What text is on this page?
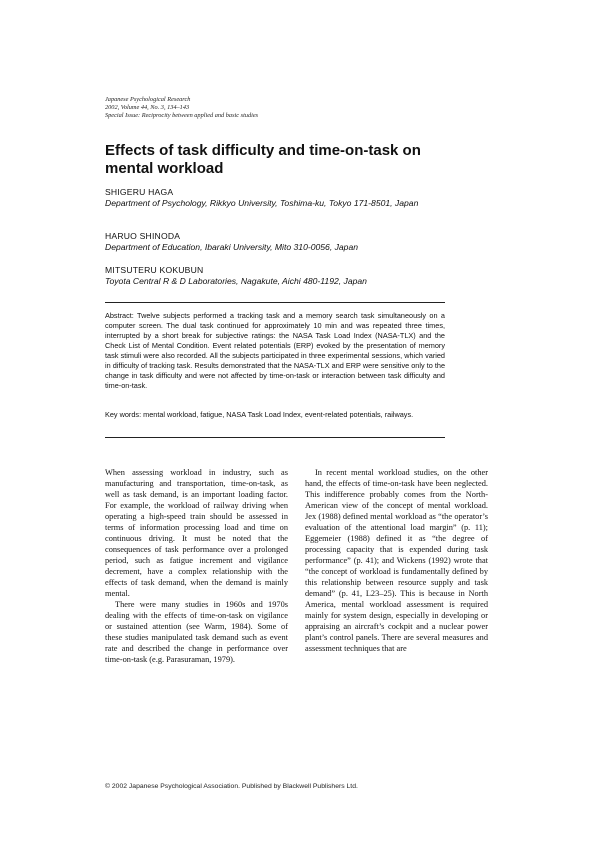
Japanese Psychological Research
2002, Volume 44, No. 3, 134–143
Special Issue: Reciprocity between applied and basic studies
Effects of task difficulty and time-on-task on mental workload
SHIGERU HAGA
Department of Psychology, Rikkyo University, Toshima-ku, Tokyo 171-8501, Japan
HARUO SHINODA
Department of Education, Ibaraki University, Mito 310-0056, Japan
MITSUTERU KOKUBUN
Toyota Central R & D Laboratories, Nagakute, Aichi 480-1192, Japan
Abstract: Twelve subjects performed a tracking task and a memory search task simultaneously on a computer screen. The dual task continued for approximately 10 min and was repeated three times, interrupted by a short break for subjective ratings: the NASA Task Load Index (NASA-TLX) and the Check List of Mental Condition. Event related potentials (ERP) evoked by the presentation of memory task stimuli were also recorded. All the subjects participated in three experimental sessions, which varied in difficulty of tracking task. Results demonstrated that the NASA-TLX and ERP were sensitive only to the change in task difficulty and were not affected by time-on-task or interaction between task difficulty and time-on-task.
Key words: mental workload, fatigue, NASA Task Load Index, event-related potentials, railways.

When assessing workload in industry, such as manufacturing and transportation, time-on-task, as well as task demand, is an important loading factor. For example, the workload of railway driving when operating a high-speed train should be assessed in terms of information processing load and time on continuous driving. It must be noted that the consequences of task performance over a prolonged period, such as fatigue increment and vigilance decrement, have a complex relationship with the effects of task demand, when the demand is mainly mental.

There were many studies in 1960s and 1970s dealing with the effects of time-on-task on vigilance or sustained attention (see Warm, 1984). Some of these studies manipulated task demand such as event rate and described the change in performance over time-on-task (e.g. Parasuraman, 1979).

In recent mental workload studies, on the other hand, the effects of time-on-task have been neglected. This indifference probably comes from the North-American view of the concept of mental workload. Jex (1988) defined mental workload as “the operator’s evaluation of the attentional load margin” (p. 11); Eggemeier (1988) defined it as “the degree of processing capacity that is expended during task performance” (p. 41); and Wickens (1992) wrote that “the concept of workload is fundamentally defined by this relationship between resource supply and task demand” (p. 41, L23–25). This is because in North America, mental workload assessment is required mainly for system design, especially in developing or appraising an aircraft’s cockpit and a nuclear power plant’s control panels. There are several measures and assessment techniques that are

© 2002 Japanese Psychological Association. Published by Blackwell Publishers Ltd.
